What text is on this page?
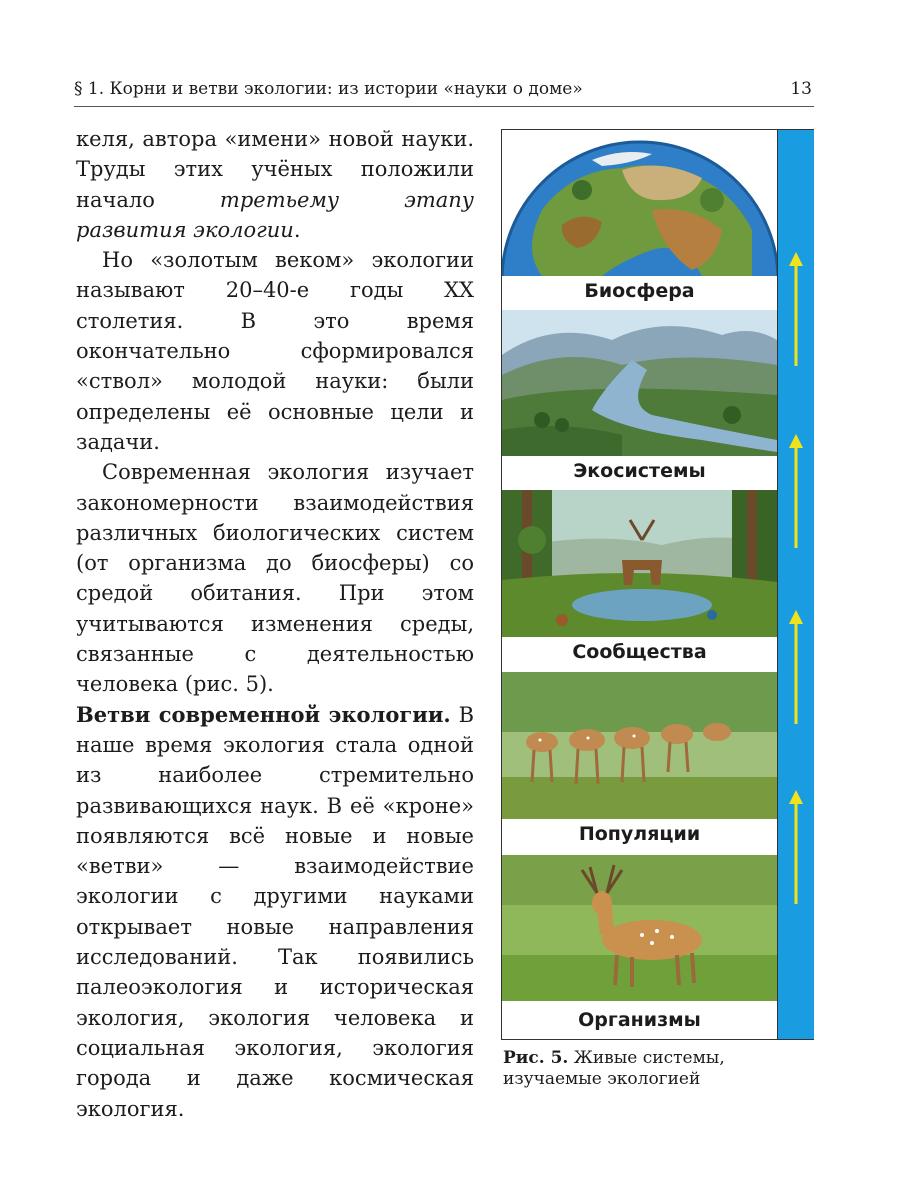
§ 1. Корни и ветви экологии: из истории «науки о доме»	13

келя, автора «имени» новой науки. Труды этих учёных положили начало третьему этапу развития экологии.

Но «золотым веком» экологии называют 20–40-е годы XX столетия. В это время окончательно сформировался «ствол» молодой науки: были определены её основные цели и задачи.

Современная экология изучает закономерности взаимодействия различных биологических систем (от организма до биосферы) со средой обитания. При этом учитываются изменения среды, связанные с деятельностью человека (рис. 5).

Ветви современной экологии. В наше время экология стала одной из наиболее стремительно развивающихся наук. В её «кроне» появляются всё новые и новые «ветви» — взаимодействие экологии с другими науками открывает новые направления исследований. Так появились палеоэкология и историческая экология, экология человека и социальная экология, экология города и даже космическая экология.

Биосфера
Экосистемы
Сообщества
Популяции
Организмы
Рис. 5. Живые системы, изучаемые экологией
